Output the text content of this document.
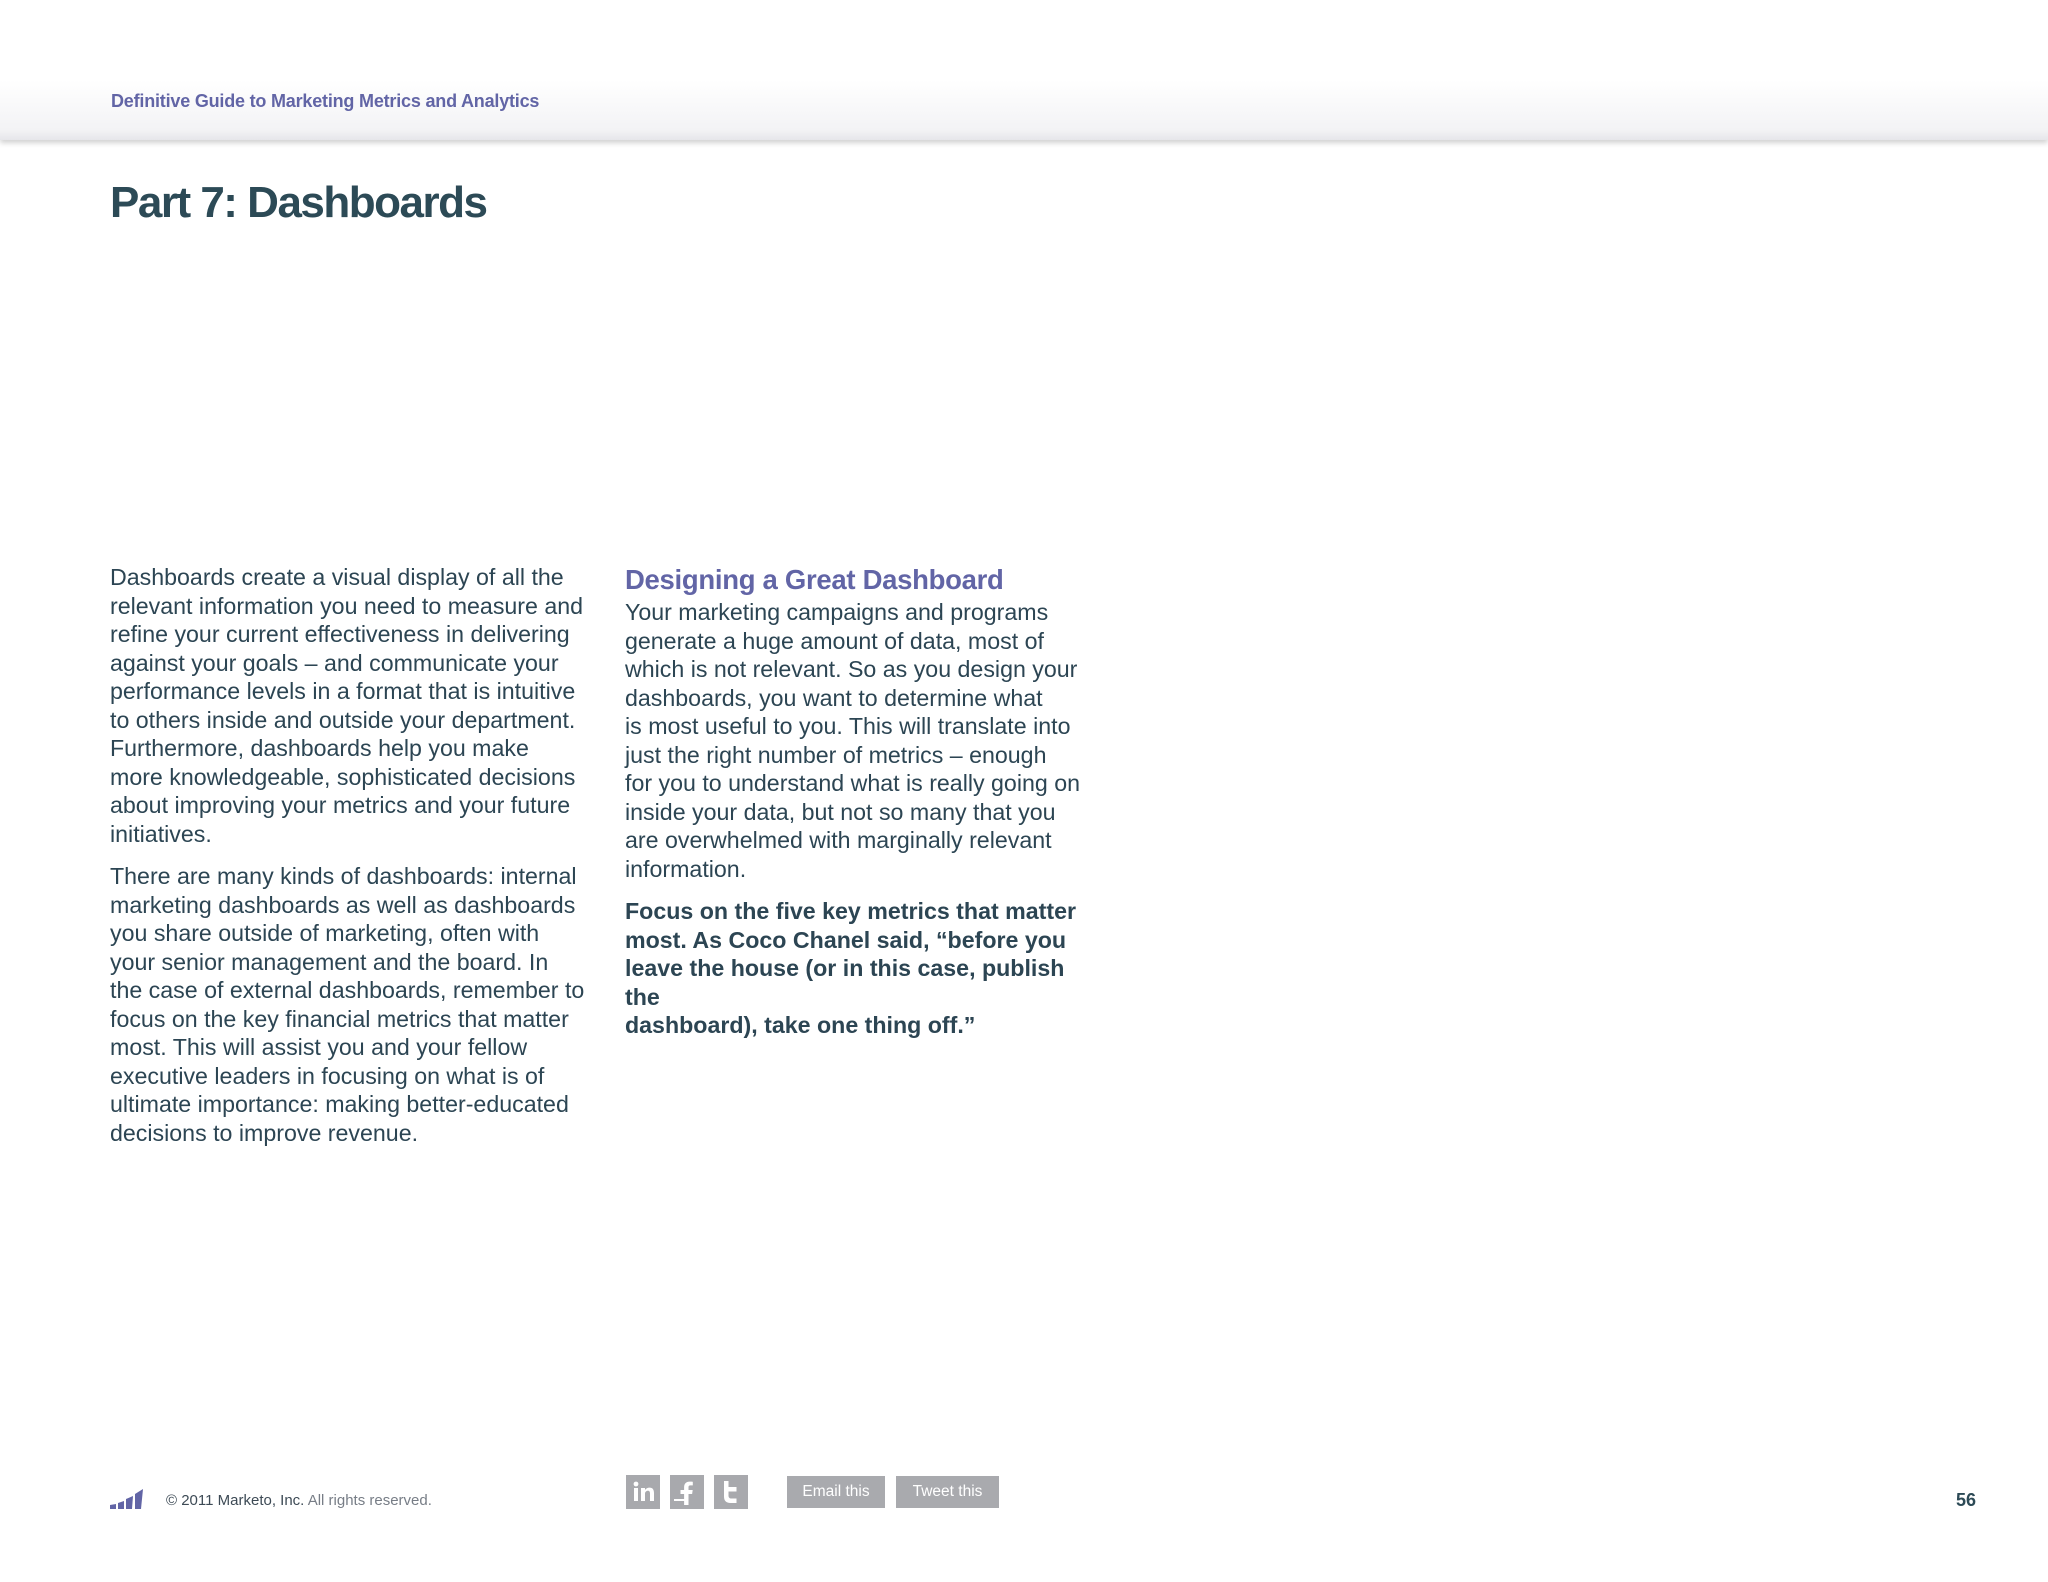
Definitive Guide to Marketing Metrics and Analytics
Part 7: Dashboards

Dashboards create a visual display of all the
relevant information you need to measure and
refine your current effectiveness in delivering
against your goals – and communicate your
performance levels in a format that is intuitive
to others inside and outside your department.
Furthermore, dashboards help you make
more knowledgeable, sophisticated decisions
about improving your metrics and your future
initiatives.

There are many kinds of dashboards: internal
marketing dashboards as well as dashboards
you share outside of marketing, often with
your senior management and the board. In
the case of external dashboards, remember to
focus on the key financial metrics that matter
most. This will assist you and your fellow
executive leaders in focusing on what is of
ultimate importance: making better-educated
decisions to improve revenue.

Designing a Great Dashboard

Your marketing campaigns and programs
generate a huge amount of data, most of
which is not relevant. So as you design your
dashboards, you want to determine what
is most useful to you. This will translate into
just the right number of metrics – enough
for you to understand what is really going on
inside your data, but not so many that you
are overwhelmed with marginally relevant
information.

Focus on the five key metrics that matter
most. As Coco Chanel said, “before you
leave the house (or in this case, publish the
dashboard), take one thing off.”

© 2011 Marketo, Inc. All rights reserved.
Email this	Tweet this	56
